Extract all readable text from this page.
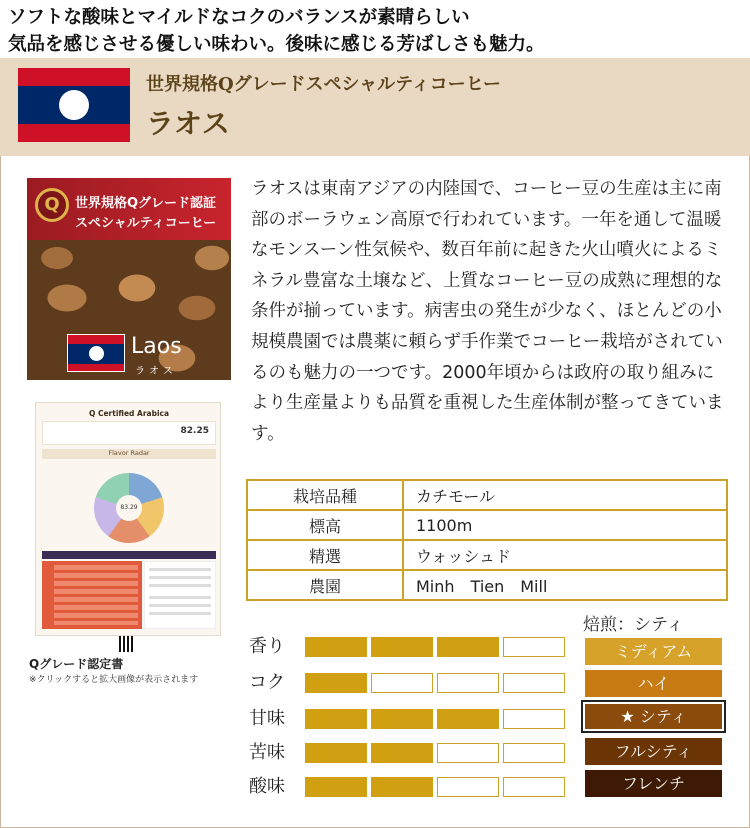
ソフトな酸味とマイルドなコクのバランスが素晴らしい
気品を感じさせる優しい味わい。後味に感じる芳ばしさも魅力。
世界規格Qグレードスペシャルティコーヒー
ラオス
Q	世界規格Qグレード認証
スペシャルティコーヒー
Laos
ラオス
Q Certified Arabica
82.25
Flavor Radar
83.29
Qグレード認定書
※クリックすると拡大画像が表示されます
ラオスは東南アジアの内陸国で、コーヒー豆の生産は主に南部のボーラウェン高原で行われています。一年を通して温暖なモンスーン性気候や、数百年前に起きた火山噴火によるミネラル豊富な土壌など、上質なコーヒー豆の成熟に理想的な条件が揃っています。病害虫の発生が少なく、ほとんどの小規模農園では農薬に頼らず手作業でコーヒー栽培がされているのも魅力の一つです。2000年頃からは政府の取り組みにより生産量よりも品質を重視した生産体制が整ってきています。
栽培品種	カチモール
標高	1100m
精選	ウォッシュド
農園	Minh　Tien　Mill
香り
コク
甘味
苦味
酸味
焙煎：シティ
ミディアム
ハイ
★ シティ
フルシティ
フレンチ
